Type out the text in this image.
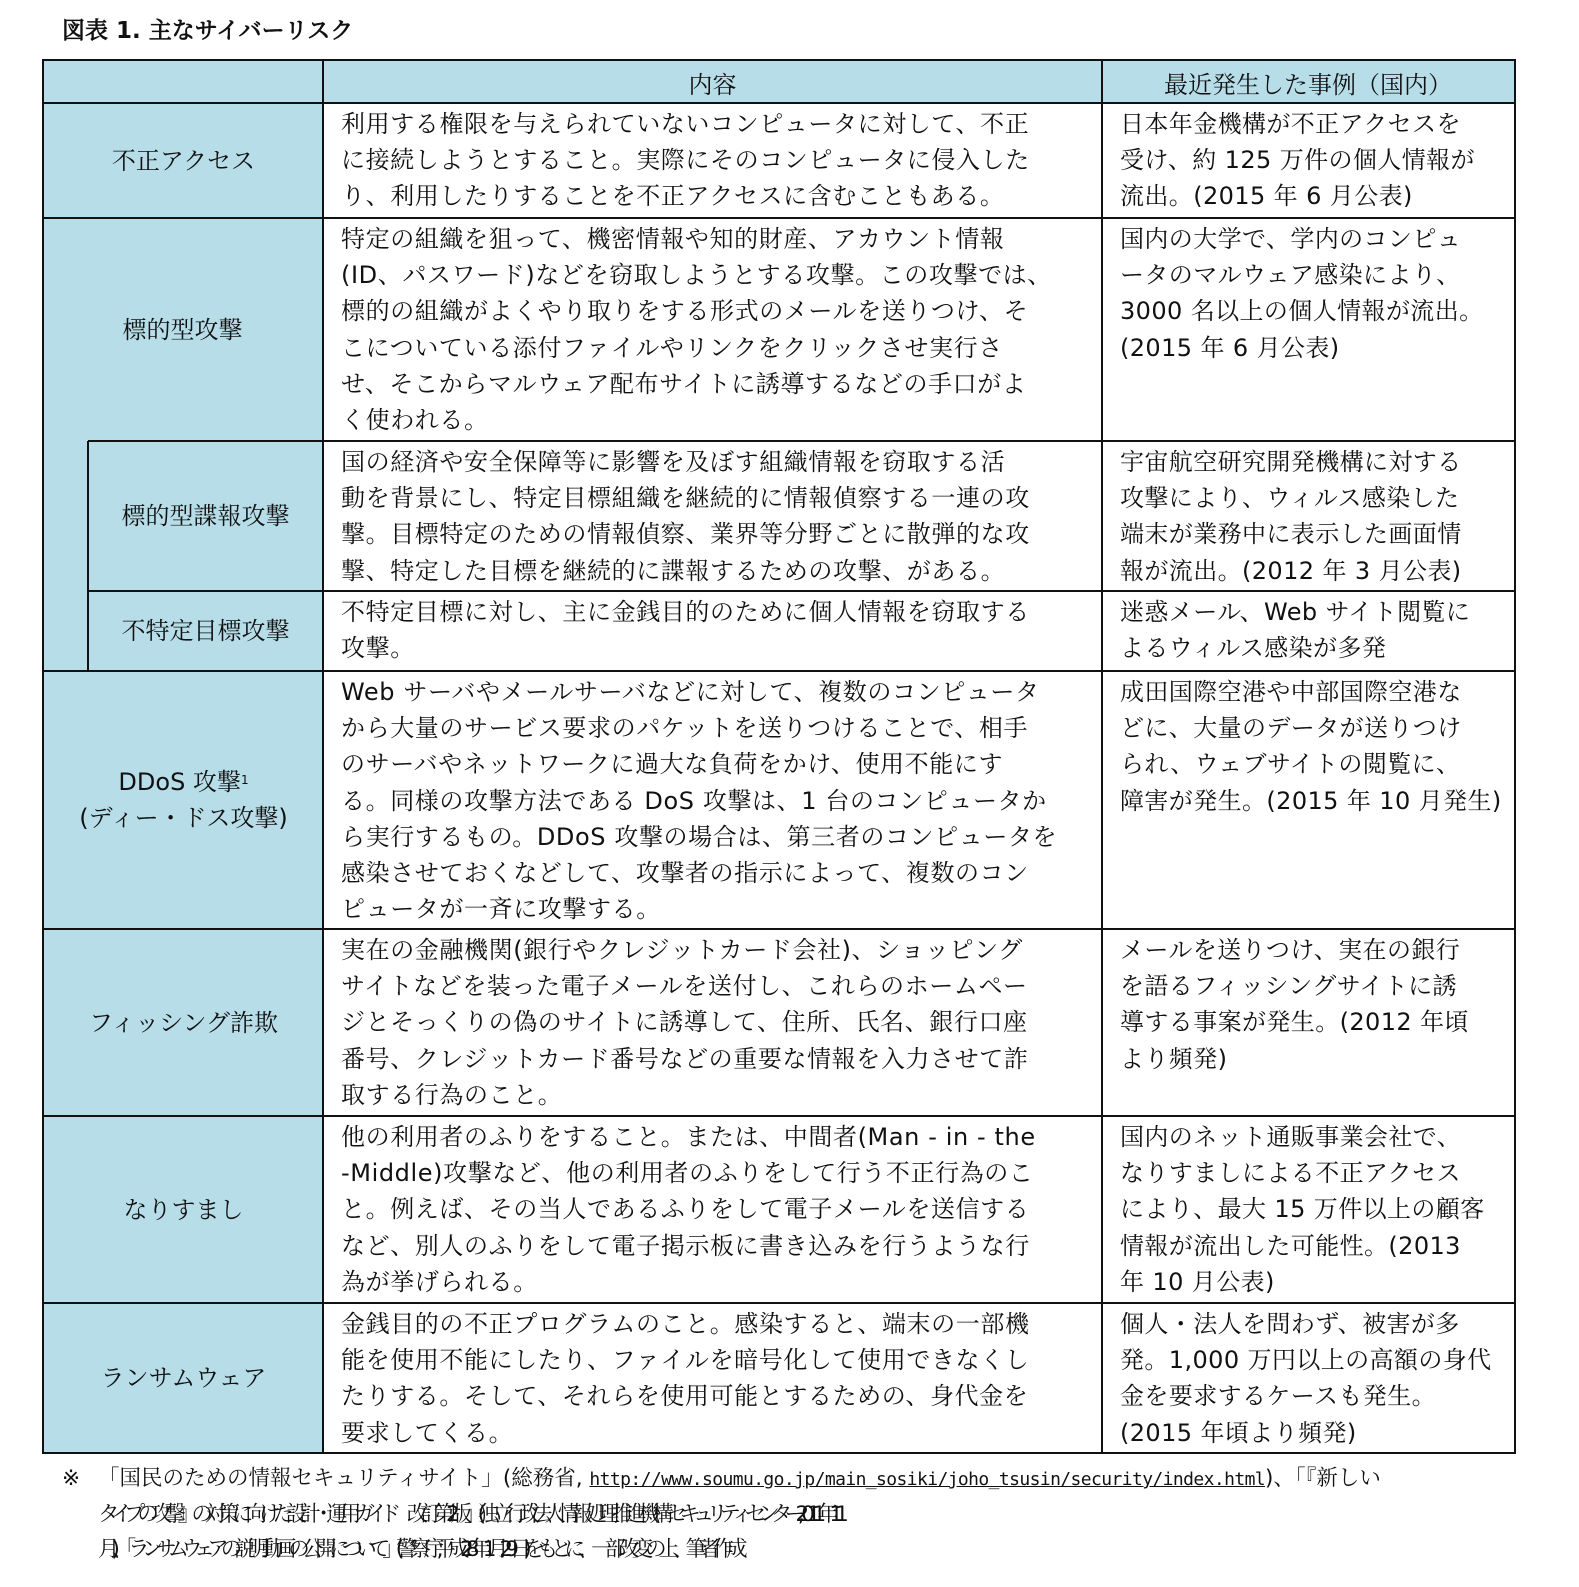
図表 1. 主なサイバーリスク
内容	最近発生した事例（国内）
不正アクセス
標的型攻撃
標的型諜報攻撃
不特定目標攻撃
DDoS 攻撃$^1$
(ディー・ドス攻撃)
フィッシング詐欺
なりすまし
ランサムウェア
利用する権限を与えられていないコンピュータに対して、不正
に接続しようとすること。実際にそのコンピュータに侵入した
り、利用したりすることを不正アクセスに含むこともある。
特定の組織を狙って、機密情報や知的財産、アカウント情報
(ID、パスワード)などを窃取しようとする攻撃。この攻撃では、
標的の組織がよくやり取りをする形式のメールを送りつけ、そ
こについている添付ファイルやリンクをクリックさせ実行さ
せ、そこからマルウェア配布サイトに誘導するなどの手口がよ
く使われる。
国の経済や安全保障等に影響を及ぼす組織情報を窃取する活
動を背景にし、特定目標組織を継続的に情報偵察する一連の攻
撃。目標特定のための情報偵察、業界等分野ごとに散弾的な攻
撃、特定した目標を継続的に諜報するための攻撃、がある。
不特定目標に対し、主に金銭目的のために個人情報を窃取する
攻撃。
Web サーバやメールサーバなどに対して、複数のコンピュータ
から大量のサービス要求のパケットを送りつけることで、相手
のサーバやネットワークに過大な負荷をかけ、使用不能にす
る。同様の攻撃方法である DoS 攻撃は、1 台のコンピュータか
ら実行するもの。DDoS 攻撃の場合は、第三者のコンピュータを
感染させておくなどして、攻撃者の指示によって、複数のコン
ピュータが一斉に攻撃する。
実在の金融機関(銀行やクレジットカード会社)、ショッピング
サイトなどを装った電子メールを送付し、これらのホームペー
ジとそっくりの偽のサイトに誘導して、住所、氏名、銀行口座
番号、クレジットカード番号などの重要な情報を入力させて詐
取する行為のこと。
他の利用者のふりをすること。または、中間者(Man - in - the
-Middle)攻撃など、他の利用者のふりをして行う不正行為のこ
と。例えば、その当人であるふりをして電子メールを送信する
など、別人のふりをして電子掲示板に書き込みを行うような行
為が挙げられる。
金銭目的の不正プログラムのこと。感染すると、端末の一部機
能を使用不能にしたり、ファイルを暗号化して使用できなくし
たりする。そして、それらを使用可能とするための、身代金を
要求してくる。
日本年金機構が不正アクセスを
受け、約 125 万件の個人情報が
流出。(2015 年 6 月公表)
国内の大学で、学内のコンピュ
ータのマルウェア感染により、
3000 名以上の個人情報が流出。
(2015 年 6 月公表)
宇宙航空研究開発機構に対する
攻撃により、ウィルス感染した
端末が業務中に表示した画面情
報が流出。(2012 年 3 月公表)
迷惑メール、Web サイト閲覧に
よるウィルス感染が多発
成田国際空港や中部国際空港な
どに、大量のデータが送りつけ
られ、ウェブサイトの閲覧に、
障害が発生。(2015 年 10 月発生)
メールを送りつけ、実在の銀行
を語るフィッシングサイトに誘
導する事案が発生。(2012 年頃
より頻発)
国内のネット通販事業会社で、
なりすましによる不正アクセス
により、最大 15 万件以上の顧客
情報が流出した可能性。(2013
年 10 月公表)
個人・法人を問わず、被害が多
発。1,000 万円以上の高額の身代
金を要求するケースも発生。
(2015 年頃より頻発)
※ 「国民のための情報セキュリティサイト」(総務省, http://www.soumu.go.jp/main_sosiki/joho_tsusin/security/index.html)、「『新しい
タイプの攻撃』の対策に向けた設計・運用ガイド　改訂第 2 版」(独立行政 法人情報処理推進機構セキュリティセンター, 2011 年 11
月)、「ランサムウェアの説明動画の公開について」(警察庁, 平成 28 年 1 月 29 日)をもとに、一部改変の上、筆者作成
